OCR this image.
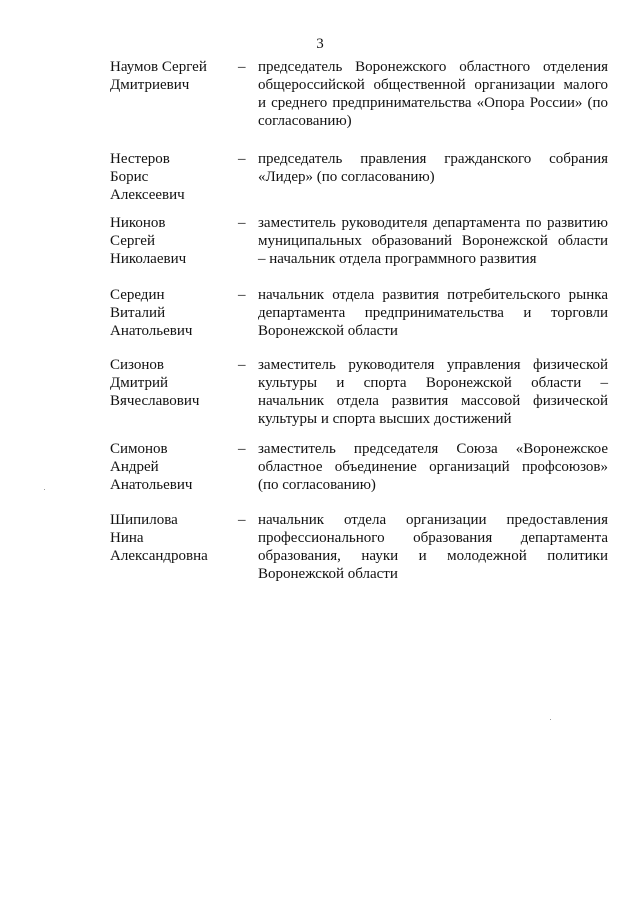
3
Наумов Сергей
Дмитриевич
– председатель Воронежского областного отделения
общероссийской общественной организации малого
и среднего предпринимательства «Опора России» (по
согласованию)
Нестеров
Борис
Алексеевич
– председатель правления гражданского собрания
«Лидер» (по согласованию)
Никонов
Сергей
Николаевич
– заместитель руководителя департамента по развитию
муниципальных образований Воронежской области
– начальник отдела программного развития
Середин
Виталий
Анатольевич
– начальник отдела развития потребительского рынка
департамента предпринимательства и торговли
Воронежской области
Сизонов
Дмитрий
Вячеславович
– заместитель руководителя управления физической
культуры и спорта Воронежской области –
начальник отдела развития массовой физической
культуры и спорта высших достижений
Симонов
Андрей
Анатольевич
– заместитель председателя Союза «Воронежское
областное объединение организаций профсоюзов»
(по согласованию)
Шипилова
Нина
Александровна
– начальник отдела организации предоставления
профессионального образования департамента
образования, науки и молодежной политики
Воронежской области
